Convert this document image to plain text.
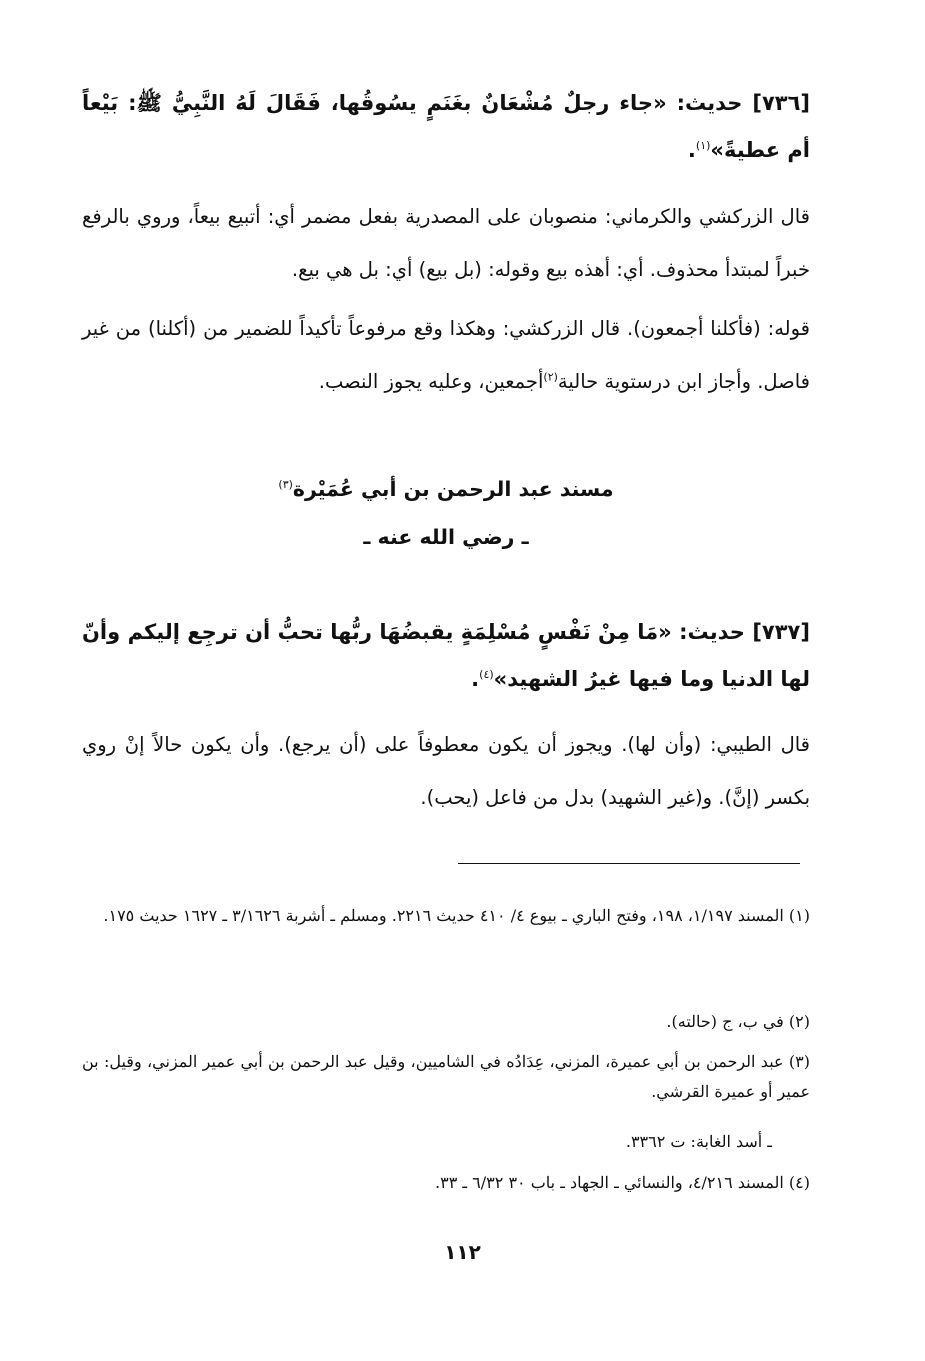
[٧٣٦] حديث: «جاء رجلٌ مُشْعَانٌ بغَنَمٍ يسُوقُها، فَقَالَ لَهُ النَّبِيُّ ﷺ: بَيْعاً أم عطيةً»$^{(١)}$.

قال الزركشي والكرماني: منصوبان على المصدرية بفعل مضمر أي: أتبيع بيعاً، وروي بالرفع خبراً لمبتدأ محذوف. أي: أهذه بيع وقوله: (بل بيع) أي: بل هي بيع.

قوله: (فأكلنا أجمعون). قال الزركشي: وهكذا وقع مرفوعاً تأكيداً للضمير من (أكلنا) من غير فاصل. وأجاز ابن درستوية حالية$^{(٢)}$أجمعين، وعليه يجوز النصب.

مسند عبد الرحمن بن أبي عُمَيْرة$^{(٣)}$

ـ رضي الله عنه ـ

[٧٣٧] حديث: «مَا مِنْ نَفْسٍ مُسْلِمَةٍ يقبضُهَا ربُّها تحبُّ أن ترجِع إليكم وأنّ لها الدنيا وما فيها غيرُ الشهيد»$^{(٤)}$.

قال الطيبي: (وأن لها). ويجوز أن يكون معطوفاً على (أن يرجع). وأن يكون حالاً إنْ روي بكسر (إنَّ). و(غير الشهيد) بدل من فاعل (يحب).

(١) المسند ١/١٩٧، ١٩٨، وفتح الباري ـ بيوع ٤/ ٤١٠ حديث ٢٢١٦. ومسلم ـ أشربة ٣/١٦٢٦ ـ ١٦٢٧ حديث ١٧٥.

(٢) في ب، ج (حالته).

(٣) عبد الرحمن بن أبي عميرة، المزني، عِدَادُه في الشاميين، وقيل عبد الرحمن بن أبي عمير المزني، وقيل: بن عمير أو عميرة القرشي.

ـ أسد الغابة: ت ٣٣٦٢.

(٤) المسند ٤/٢١٦، والنسائي ـ الجهاد ـ باب ٣٠ ٦/٣٢ ـ ٣٣.

١١٢
